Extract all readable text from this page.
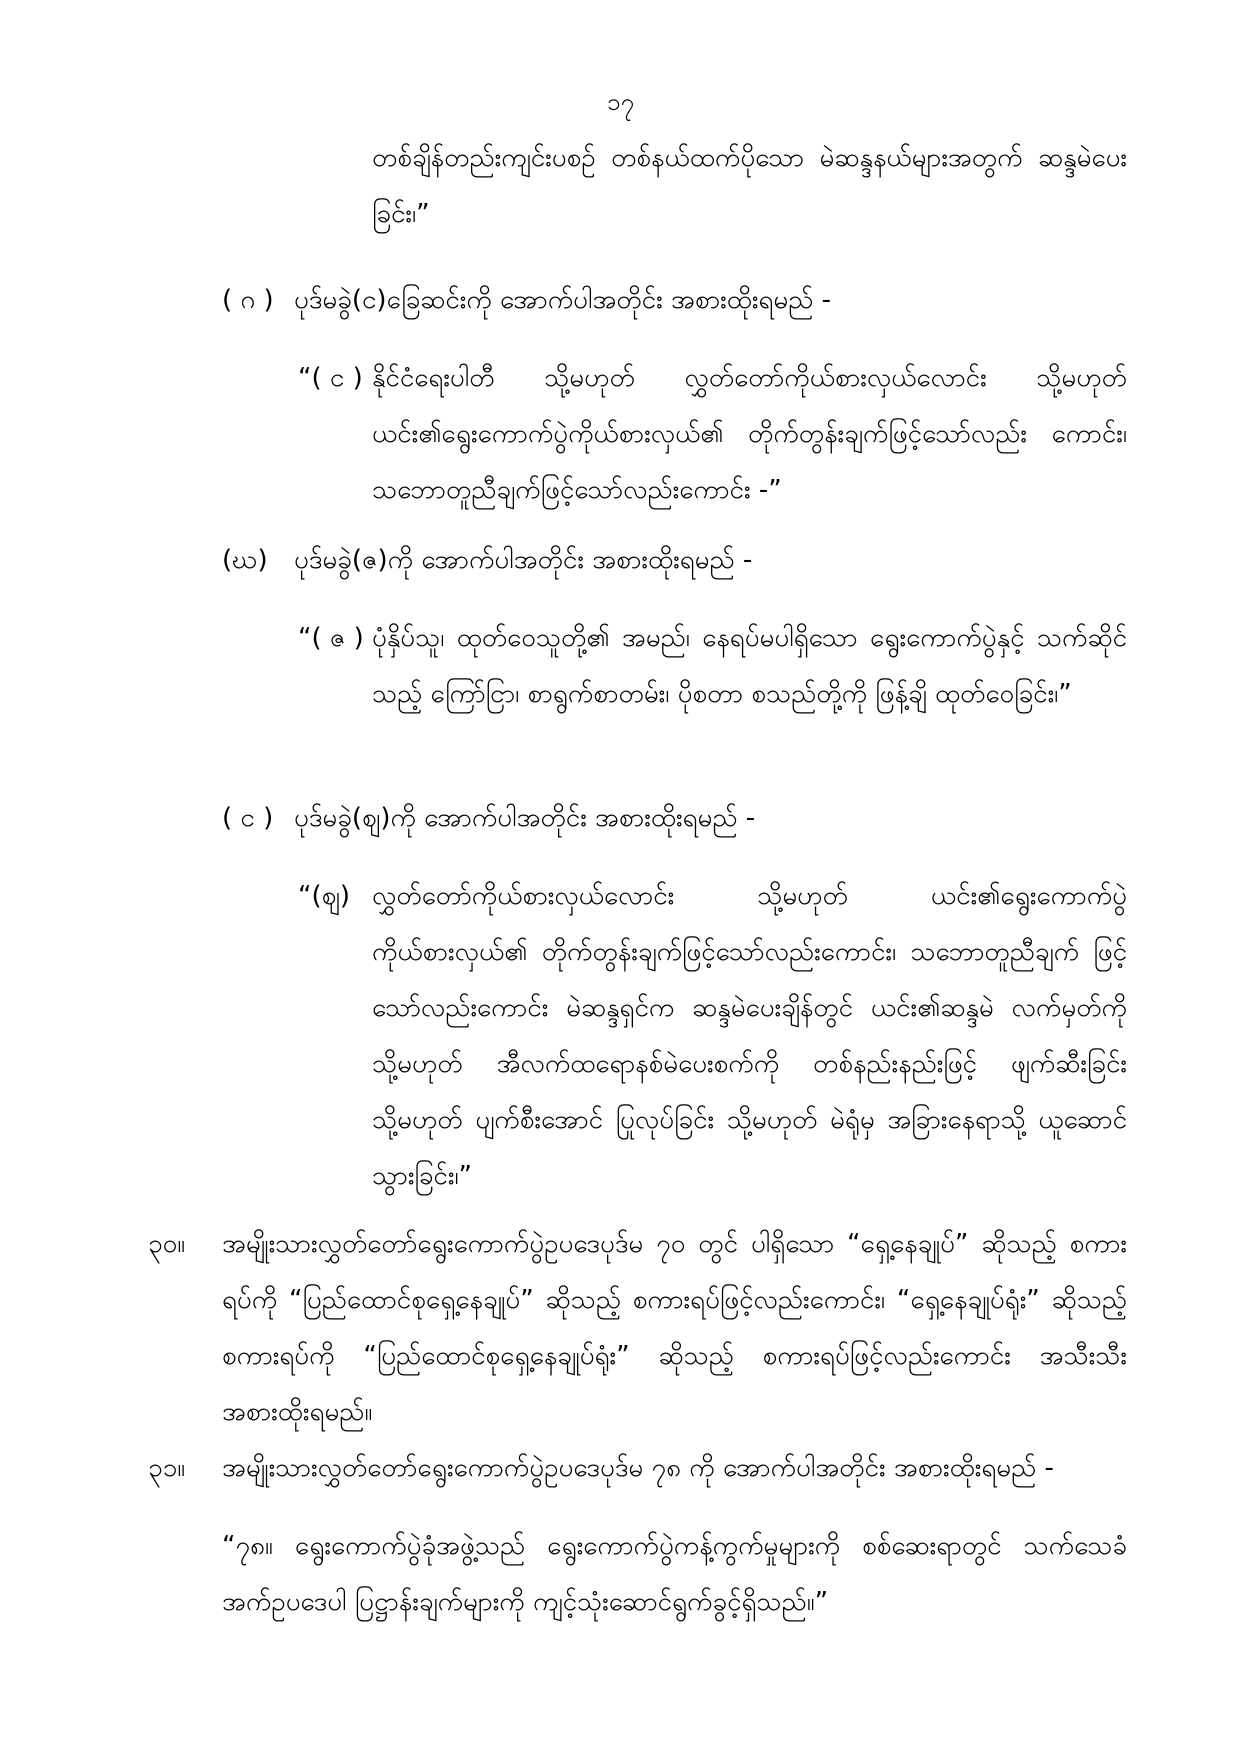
၁၇
တစ်ချိန်တည်းကျင်းပစဉ် တစ်နယ်ထက်ပိုသော မဲဆန္ဒနယ်များအတွက် ဆန္ဒမဲပေးခြင်း၊”
( ဂ ) ပုဒ်မခွဲ(င)ခြေဆင်းကို အောက်ပါအတိုင်း အစားထိုးရမည် -
“( င ) နိုင်ငံရေးပါတီ သို့မဟုတ် လွှတ်တော်ကိုယ်စားလှယ်လောင်း သို့မဟုတ် ယင်း၏ရွေးကောက်ပွဲကိုယ်စားလှယ်၏ တိုက်တွန်းချက်ဖြင့်သော်လည်း ကောင်း၊ သဘောတူညီချက်ဖြင့်သော်လည်းကောင်း -”
(ဃ)	ပုဒ်မခွဲ(ဇ)ကို အောက်ပါအတိုင်း အစားထိုးရမည် -
“( ဇ ) ပုံနှိပ်သူ၊ ထုတ်ဝေသူတို့၏ အမည်၊ နေရပ်မပါရှိသော ရွေးကောက်ပွဲနှင့် သက်ဆိုင်သည့် ကြော်ငြာ၊ စာရွက်စာတမ်း၊ ပိုစတာ စသည်တို့ကို ဖြန့်ချိ ထုတ်ဝေခြင်း၊”
( င ) ပုဒ်မခွဲ(ဈ)ကို အောက်ပါအတိုင်း အစားထိုးရမည် -
“(ဈ) လွှတ်တော်ကိုယ်စားလှယ်လောင်း သို့မဟုတ် ယင်း၏ရွေးကောက်ပွဲ ကိုယ်စားလှယ်၏ တိုက်တွန်းချက်ဖြင့်သော်လည်းကောင်း၊ သဘောတူညီချက် ဖြင့်သော်လည်းကောင်း မဲဆန္ဒရှင်က ဆန္ဒမဲပေးချိန်တွင် ယင်း၏ဆန္ဒမဲ လက်မှတ်ကို သို့မဟုတ် အီလက်ထရောနစ်မဲပေးစက်ကို တစ်နည်းနည်းဖြင့် ဖျက်ဆီးခြင်း သို့မဟုတ် ပျက်စီးအောင် ပြုလုပ်ခြင်း သို့မဟုတ် မဲရုံမှ အခြားနေရာသို့ ယူဆောင်သွားခြင်း၊”
၃၀။	အမျိုးသားလွှတ်တော်ရွေးကောက်ပွဲဥပဒေပုဒ်မ ၇၀ တွင် ပါရှိသော “ရှေ့နေချုပ်” ဆိုသည့် စကားရပ်ကို “ပြည်ထောင်စုရှေ့နေချုပ်” ဆိုသည့် စကားရပ်ဖြင့်လည်းကောင်း၊ “ရှေ့နေချုပ်ရုံး” ဆိုသည့်စကားရပ်ကို “ပြည်ထောင်စုရှေ့နေချုပ်ရုံး” ဆိုသည့် စကားရပ်ဖြင့်လည်းကောင်း အသီးသီးအစားထိုးရမည်။
၃၁။	အမျိုးသားလွှတ်တော်ရွေးကောက်ပွဲဥပဒေပုဒ်မ ၇၈ ကို အောက်ပါအတိုင်း အစားထိုးရမည် -
“၇၈။ ရွေးကောက်ပွဲခုံအဖွဲ့သည် ရွေးကောက်ပွဲကန့်ကွက်မှုများကို စစ်ဆေးရာတွင် သက်သေခံအက်ဥပဒေပါ ပြဋ္ဌာန်းချက်များကို ကျင့်သုံးဆောင်ရွက်ခွင့်ရှိသည်။”
